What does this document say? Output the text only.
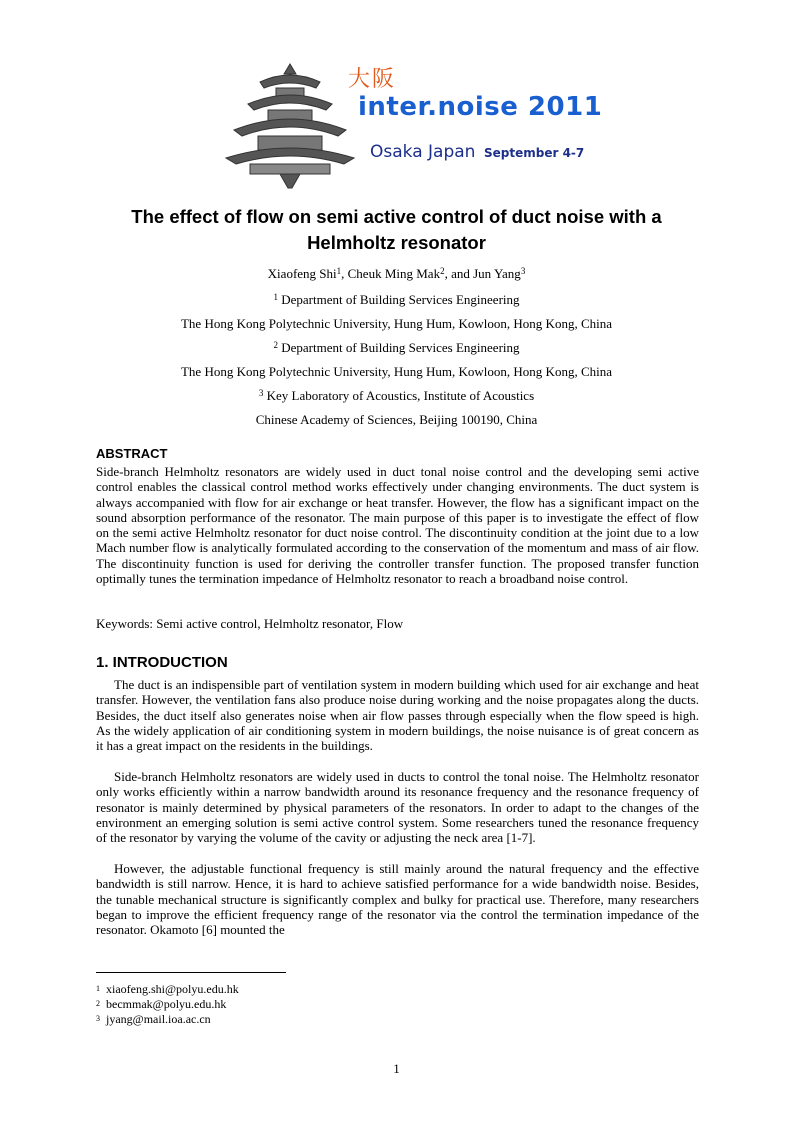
大阪
inter.noise 2011
Osaka Japan September 4-7
The effect of flow on semi active control of duct noise with a
Helmholtz resonator
Xiaofeng Shi$^1$, Cheuk Ming Mak$^2$, and Jun Yang$^3$
$^1$ Department of Building Services Engineering
The Hong Kong Polytechnic University, Hung Hum, Kowloon, Hong Kong, China
$^2$ Department of Building Services Engineering
The Hong Kong Polytechnic University, Hung Hum, Kowloon, Hong Kong, China
$^3$ Key Laboratory of Acoustics, Institute of Acoustics
Chinese Academy of Sciences, Beijing 100190, China
ABSTRACT

Side-branch Helmholtz resonators are widely used in duct tonal noise control and the developing semi active control enables the classical control method works effectively under changing environments. The duct system is always accompanied with flow for air exchange or heat transfer. However, the flow has a significant impact on the sound absorption performance of the resonator. The main purpose of this paper is to investigate the effect of flow on the semi active Helmholtz resonator for duct noise control. The discontinuity condition at the joint due to a low Mach number flow is analytically formulated according to the conservation of the momentum and mass of air flow. The discontinuity function is used for deriving the controller transfer function. The proposed transfer function optimally tunes the termination impedance of Helmholtz resonator to reach a broadband noise control.

Keywords: Semi active control, Helmholtz resonator, Flow
1. INTRODUCTION

The duct is an indispensible part of ventilation system in modern building which used for air exchange and heat transfer. However, the ventilation fans also produce noise during working and the noise propagates along the ducts. Besides, the duct itself also generates noise when air flow passes through especially when the flow speed is high. As the widely application of air conditioning system in modern buildings, the noise nuisance is of great concern as it has a great impact on the residents in the buildings.

Side-branch Helmholtz resonators are widely used in ducts to control the tonal noise. The Helmholtz resonator only works efficiently within a narrow bandwidth around its resonance frequency and the resonance frequency of resonator is mainly determined by physical parameters of the resonators. In order to adapt to the changes of the environment an emerging solution is semi active control system. Some researchers tuned the resonance frequency of the resonator by varying the volume of the cavity or adjusting the neck area [1-7].

However, the adjustable functional frequency is still mainly around the natural frequency and the effective bandwidth is still narrow. Hence, it is hard to achieve satisfied performance for a wide bandwidth noise. Besides, the tunable mechanical structure is significantly complex and bulky for practical use. Therefore, many researchers began to improve the efficient frequency range of the resonator via the control the termination impedance of the resonator. Okamoto [6] mounted the

$^1$ xiaofeng.shi@polyu.edu.hk
$^2$ becmmak@polyu.edu.hk
$^3$ jyang@mail.ioa.ac.cn
1
